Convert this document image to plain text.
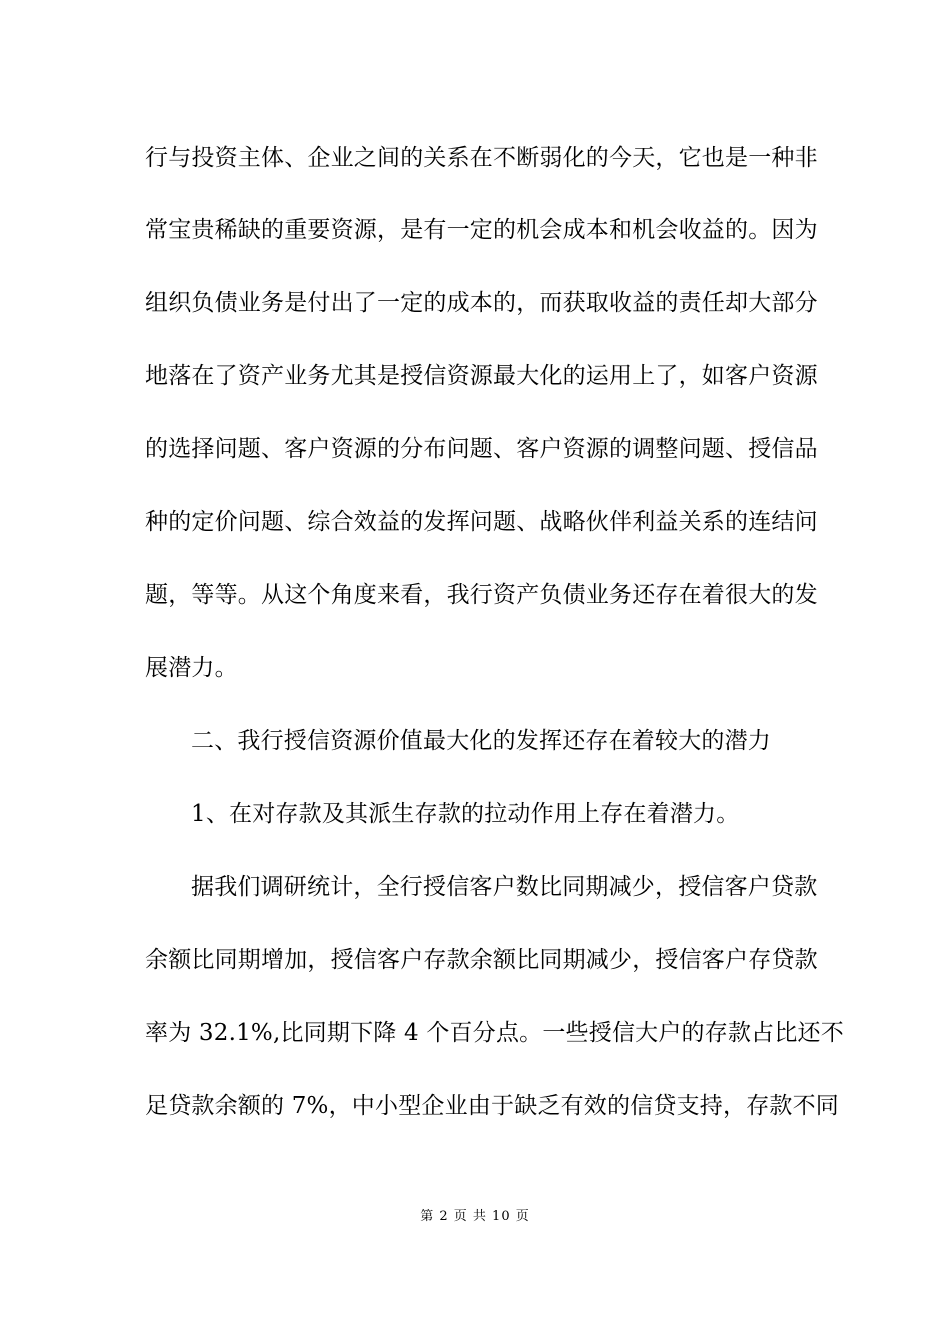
行与投资主体、企业之间的关系在不断弱化的今天，它也是一种非
常宝贵稀缺的重要资源，是有一定的机会成本和机会收益的。因为
组织负债业务是付出了一定的成本的，而获取收益的责任却大部分
地落在了资产业务尤其是授信资源最大化的运用上了，如客户资源
的选择问题、客户资源的分布问题、客户资源的调整问题、授信品
种的定价问题、综合效益的发挥问题、战略伙伴利益关系的连结问
题，等等。从这个角度来看，我行资产负债业务还存在着很大的发
展潜力。
二、我行授信资源价值最大化的发挥还存在着较大的潜力
1、在对存款及其派生存款的拉动作用上存在着潜力。
据我们调研统计，全行授信客户数比同期减少，授信客户贷款
余额比同期增加，授信客户存款余额比同期减少，授信客户存贷款
率为 32.1%,比同期下降 4 个百分点。一些授信大户的存款占比还不
足贷款余额的 7%，中小型企业由于缺乏有效的信贷支持，存款不同
第 2 页 共 10 页
